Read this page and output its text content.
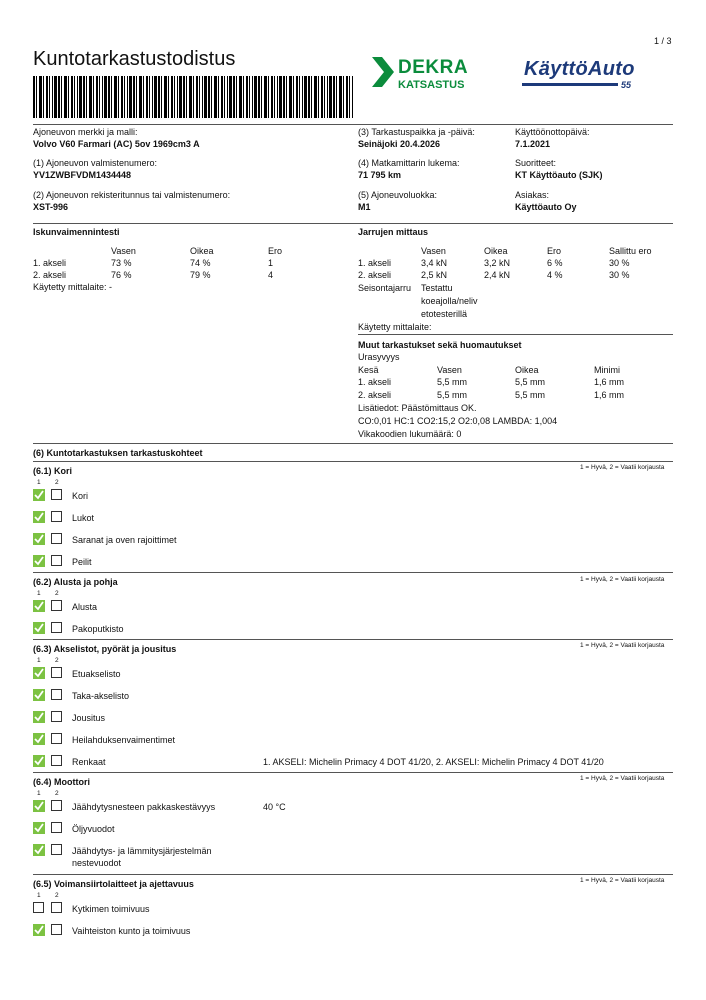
1 / 3
Kuntotarkastustodistus	DEKRA
KATSASTUS
KäyttöAuto
55
Ajoneuvon merkki ja malli:
Volvo V60 Farmari (AC) 5ov 1969cm3 A
(1) Ajoneuvon valmistenumero:
YV1ZWBFVDM1434448
(2) Ajoneuvon rekisteritunnus tai valmistenumero:
XST-996
(3) Tarkastuspaikka ja -päivä:
Seinäjoki 20.4.2026
(4) Matkamittarin lukema:
71 795 km
(5) Ajoneuvoluokka:
M1
Käyttöönottopäivä:
7.1.2021
Suoritteet:
KT Käyttöauto (SJK)
Asiakas:
Käyttöauto Oy
Iskunvaimennintesti
Vasen	Oikea	Ero
1. akseli	73 %	74 %	1
2. akseli	76 %	79 %	4
Käytetty mittalaite: -
Jarrujen mittaus
Vasen	Oikea	Ero	Sallittu ero
1. akseli	3,4 kN	3,2 kN	6 %	30 %
2. akseli	2,5 kN	2,4 kN	4 %	30 %
Seisontajarru Testattu
koeajolla/neliv
etotesterillä
Käytetty mittalaite:
Muut tarkastukset sekä huomautukset
Urasyvyys
Kesä	Vasen	Oikea	Minimi
1. akseli	5,5 mm	5,5 mm	1,6 mm
2. akseli	5,5 mm	5,5 mm	1,6 mm
Lisätiedot: Päästömittaus OK.
CO:0,01 HC:1 CO2:15,2 O2:0,08 LAMBDA: 1,004
Vikakoodien lukumäärä: 0
(6) Kuntotarkastuksen tarkastuskohteet
(6.1) Kori	1 = Hyvä, 2 = Vaatii korjausta
1 2
Kori
Lukot
Saranat ja oven rajoittimet
Peilit
(6.2) Alusta ja pohja	1 = Hyvä, 2 = Vaatii korjausta
1 2
Alusta
Pakoputkisto
(6.3) Akselistot, pyörät ja jousitus	1 = Hyvä, 2 = Vaatii korjausta
1 2
Etuakselisto
Taka-akselisto
Jousitus
Heilahduksenvaimentimet
Renkaat	1. AKSELI: Michelin Primacy 4 DOT 41/20, 2. AKSELI: Michelin Primacy 4 DOT 41/20
(6.4) Moottori	1 = Hyvä, 2 = Vaatii korjausta
1 2
Jäähdytysnesteen pakkaskestävyys	40 °C
Öljyvuodot
Jäähdytys- ja lämmitysjärjestelmän
nestevuodot
(6.5) Voimansiirtolaitteet ja ajettavuus	1 = Hyvä, 2 = Vaatii korjausta
1 2
Kytkimen toimivuus
Vaihteiston kunto ja toimivuus
